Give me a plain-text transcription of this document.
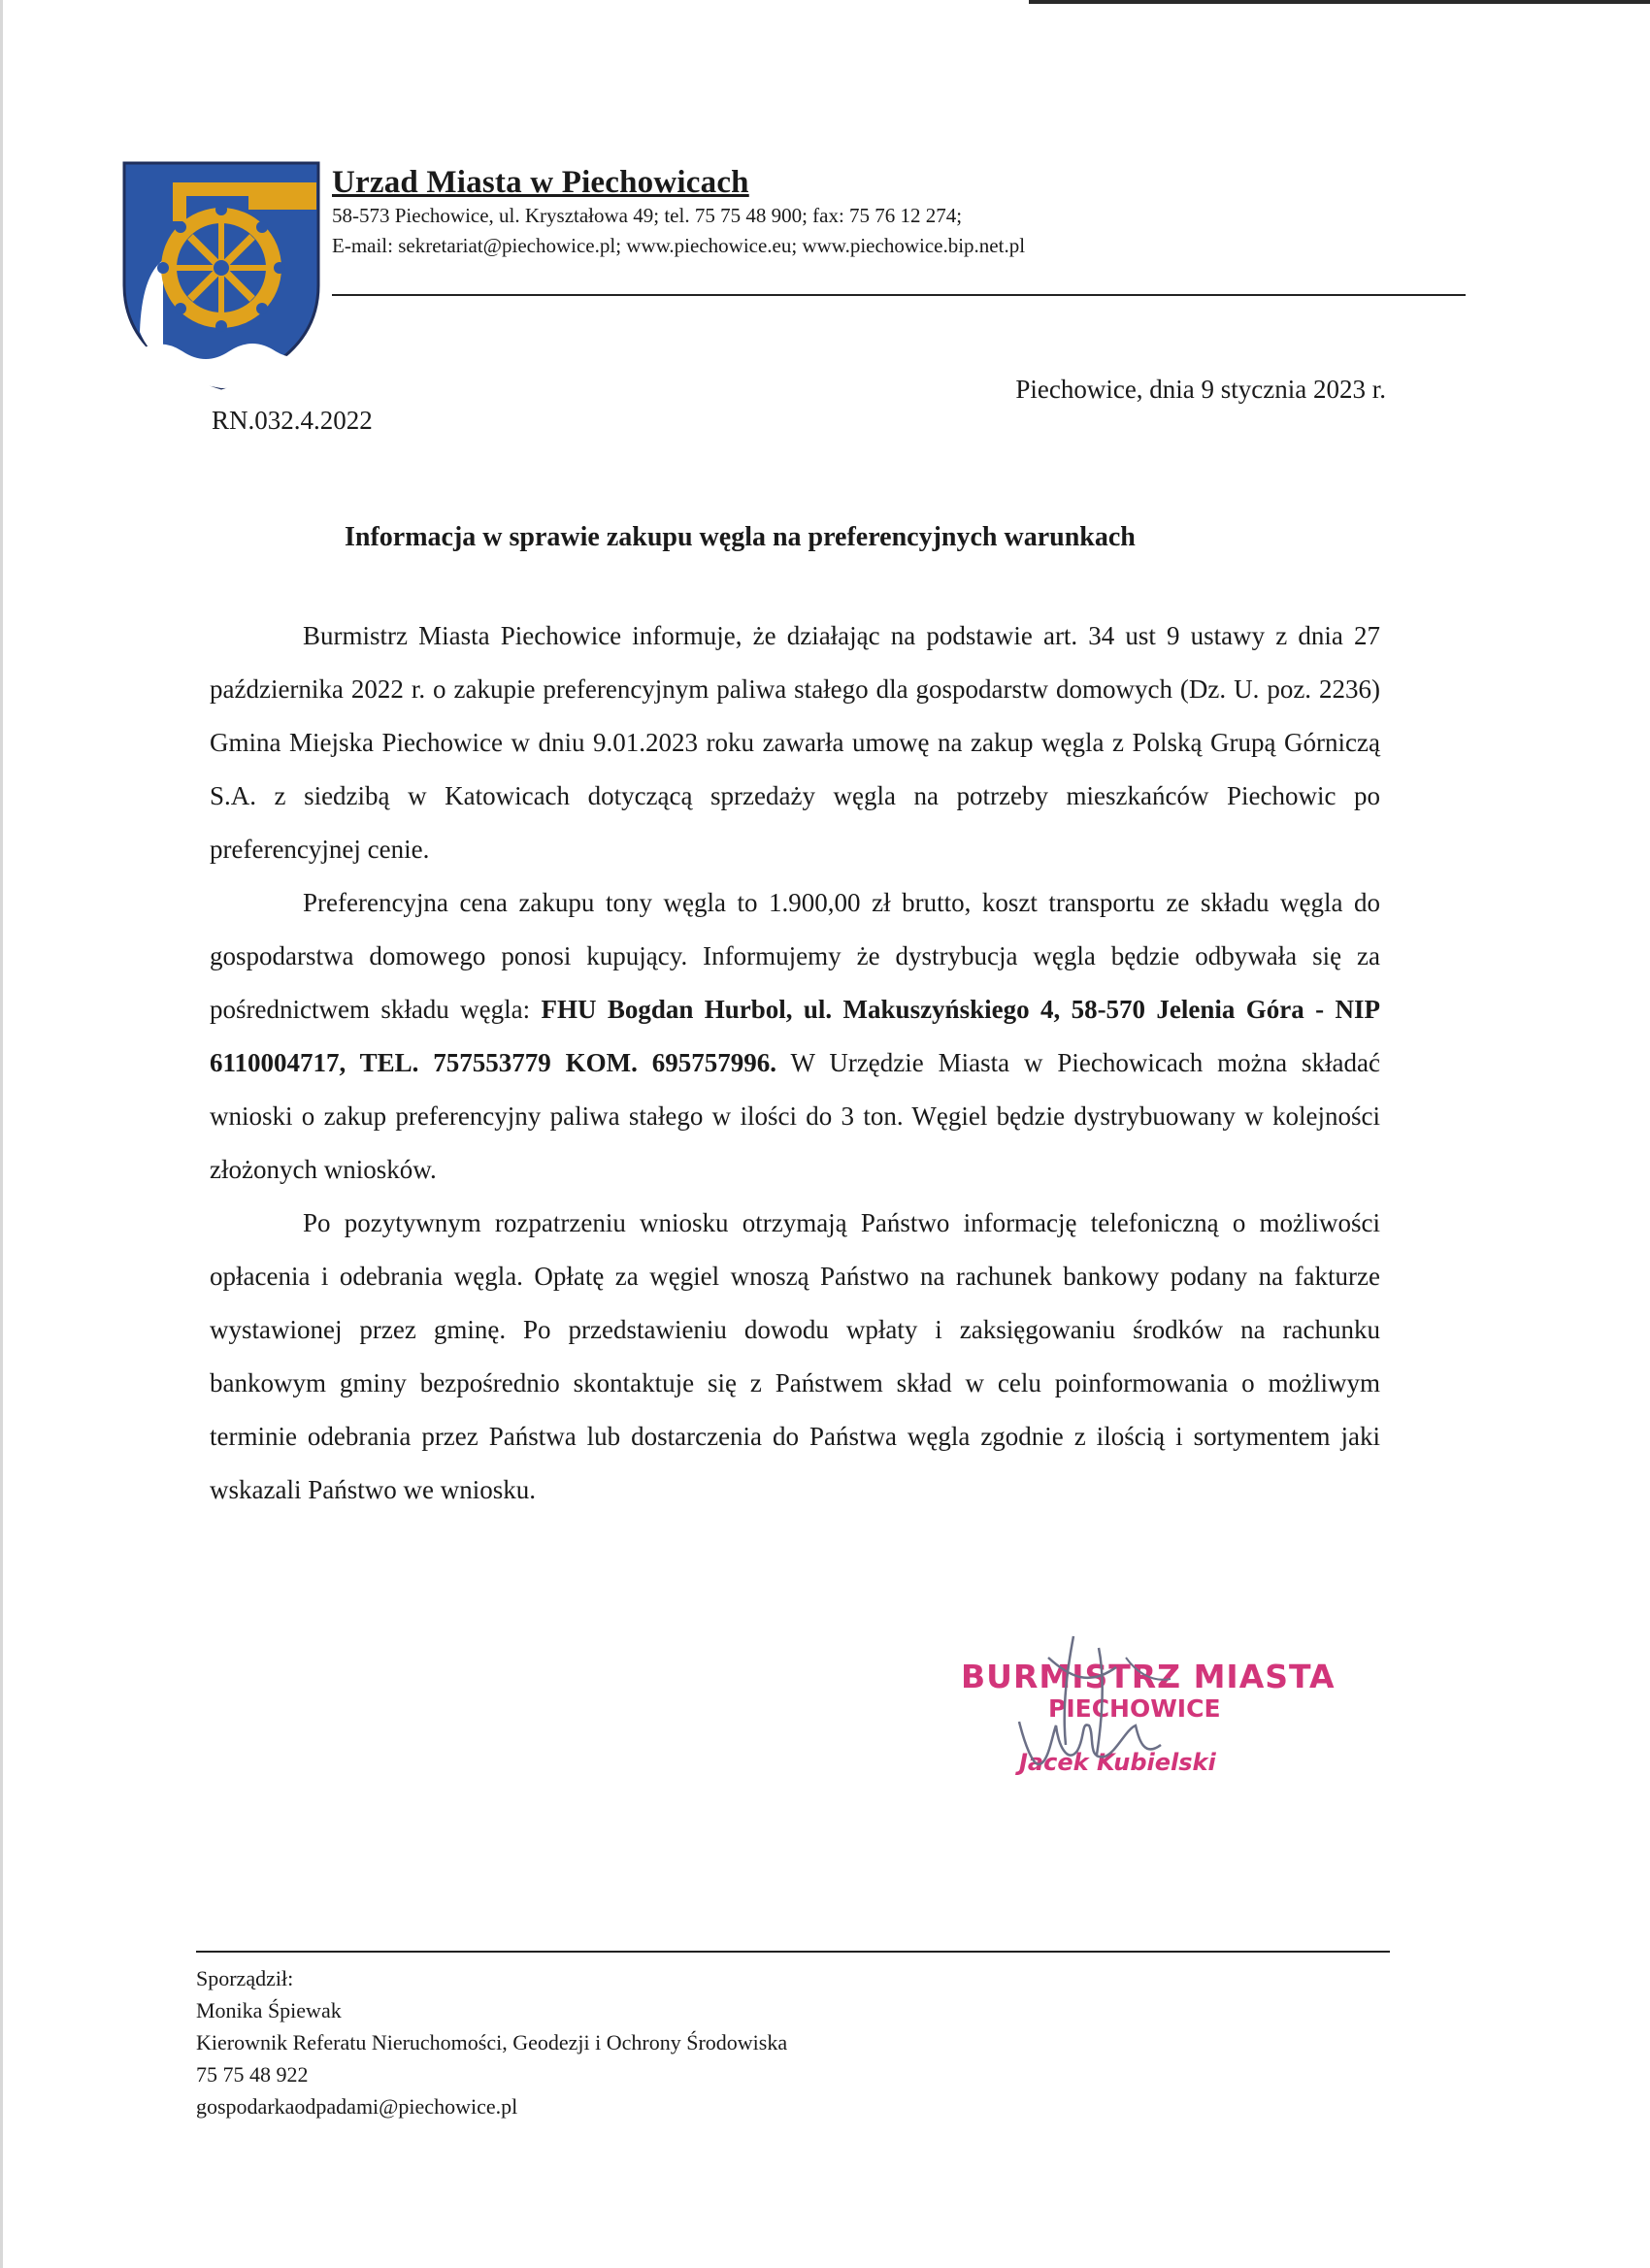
Urzad Miasta w Piechowicach
58-573 Piechowice, ul. Kryształowa 49; tel. 75 75 48 900; fax: 75 76 12 274;
E-mail: sekretariat@piechowice.pl; www.piechowice.eu; www.piechowice.bip.net.pl
RN.032.4.2022
Piechowice, dnia 9 stycznia 2023 r.
Informacja w sprawie zakupu węgla na preferencyjnych warunkach

Burmistrz Miasta Piechowice informuje, że działając na podstawie art. 34 ust 9 ustawy z dnia 27 października 2022 r. o zakupie preferencyjnym paliwa stałego dla gospodarstw domowych (Dz. U. poz. 2236) Gmina Miejska Piechowice w dniu 9.01.2023 roku zawarła umowę na zakup węgla z Polską Grupą Górniczą S.A. z siedzibą w Katowicach dotyczącą sprzedaży węgla na potrzeby mieszkańców Piechowic po preferencyjnej cenie.

Preferencyjna cena zakupu tony węgla to 1.900,00 zł brutto, koszt transportu ze składu węgla do gospodarstwa domowego ponosi kupujący. Informujemy że dystrybucja węgla będzie odbywała się za pośrednictwem składu węgla: FHU Bogdan Hurbol, ul. Makuszyńskiego 4, 58-570 Jelenia Góra - NIP 6110004717, TEL. 757553779 KOM. 695757996. W Urzędzie Miasta w Piechowicach można składać wnioski o zakup preferencyjny paliwa stałego w ilości do 3 ton. Węgiel będzie dystrybuowany w kolejności złożonych wniosków.

Po pozytywnym rozpatrzeniu wniosku otrzymają Państwo informację telefoniczną o możliwości opłacenia i odebrania węgla. Opłatę za węgiel wnoszą Państwo na rachunek bankowy podany na fakturze wystawionej przez gminę. Po przedstawieniu dowodu wpłaty i zaksięgowaniu środków na rachunku bankowym gminy bezpośrednio skontaktuje się z Państwem skład w celu poinformowania o możliwym terminie odebrania przez Państwa lub dostarczenia do Państwa węgla zgodnie z ilością i sortymentem jaki wskazali Państwo we wniosku.

BURMISTRZ MIASTA
PIECHOWICE
Jacek Kubielski
Sporządził:
Monika Śpiewak
Kierownik Referatu Nieruchomości, Geodezji i Ochrony Środowiska
75 75 48 922
gospodarkaodpadami@piechowice.pl
